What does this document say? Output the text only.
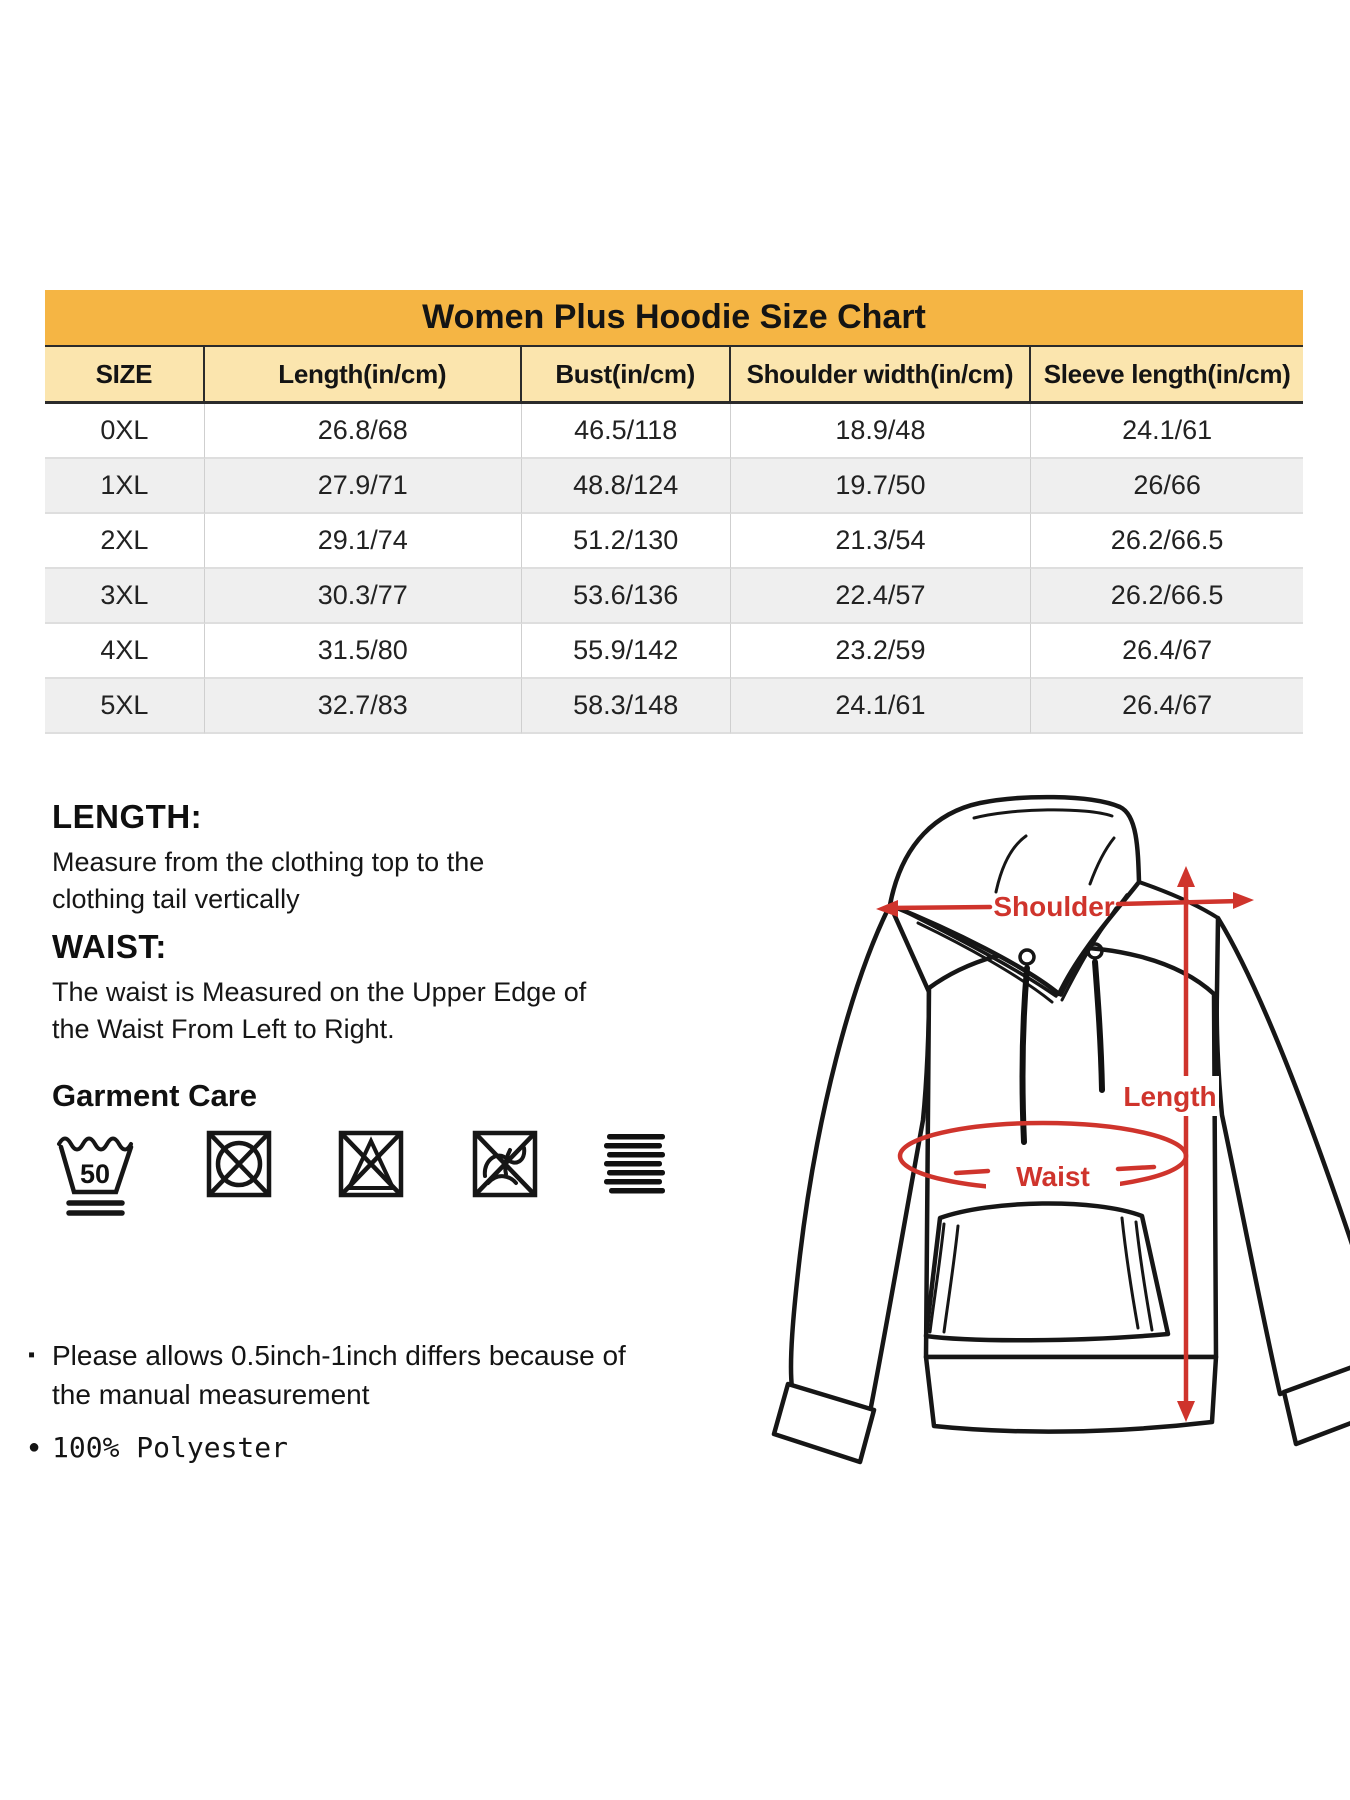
Women Plus Hoodie Size Chart
SIZE	Length(in/cm)	Bust(in/cm)	Shoulder width(in/cm)	Sleeve length(in/cm)
0XL	26.8/68	46.5/118	18.9/48	24.1/61
1XL	27.9/71	48.8/124	19.7/50	26/66
2XL	29.1/74	51.2/130	21.3/54	26.2/66.5
3XL	30.3/77	53.6/136	22.4/57	26.2/66.5
4XL	31.5/80	55.9/142	23.2/59	26.4/67
5XL	32.7/83	58.3/148	24.1/61	26.4/67
LENGTH:
Measure from the clothing top to the clothing tail vertically
WAIST:
The waist is Measured on the Upper Edge of the Waist From Left to Right.
Garment Care
50	Waist
Length
Shoulder
▪ Please allows 0.5inch-1inch differs because of the manual measurement
● 100% Polyester
